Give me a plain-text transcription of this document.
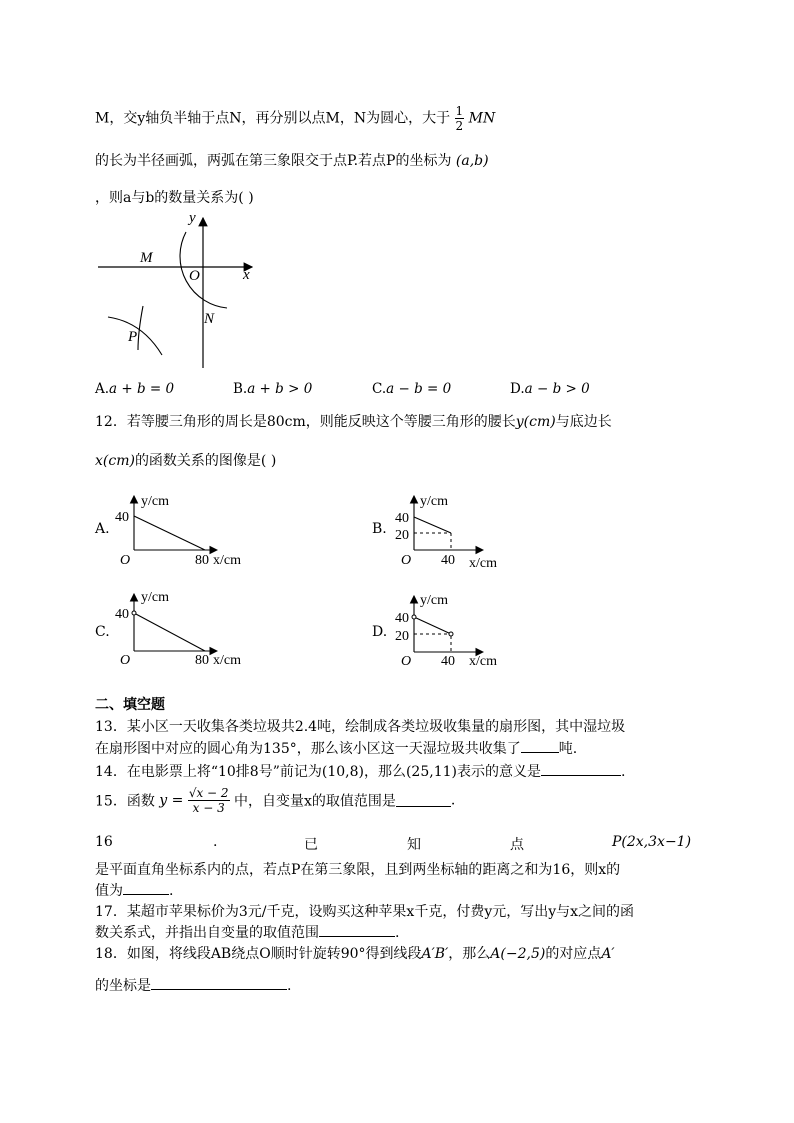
M，交y轴负半轴于点N，再分别以点M，N为圆心，大于 $\frac{1}{2}$ MN
的长为半径画弧，两弧在第三象限交于点P.若点P的坐标为 (a,b)
，则a与b的数量关系为( )
y
x
O
M
N
P
A.a + b = 0	B.a + b > 0	C.a − b = 0	D.a − b > 0
12．若等腰三角形的周长是80cm，则能反映这个等腰三角形的腰长y(cm)与底边长
x(cm)的函数关系的图像是( )
A.
y/cm
40
O	80 x/cm
B.
y/cm
40
20
O 40 x/cm
C.
y/cm
40
O	80 x/cm
D.
y/cm
40
20
O 40 x/cm
二、填空题
13．某小区一天收集各类垃圾共2.4吨，绘制成各类垃圾收集量的扇形图，其中湿垃圾
在扇形图中对应的圆心角为135°，那么该小区这一天湿垃圾共收集了	吨.
14．在电影票上将“10排8号”前记为(10,8)，那么(25,11)表示的意义是	.
15．函数 $y = \frac{√x - 2}{x - 3}$ 中，自变量x的取值范围是	.
16	.	已	知	点	P(2x,3x−1)
是平面直角坐标系内的点，若点P在第三象限，且到两坐标轴的距离之和为16，则x的
值为	.
17．某超市苹果标价为3元/千克，设购买这种苹果x千克，付费y元，写出y与x之间的函
数关系式，并指出自变量的取值范围	.
18．如图，将线段AB绕点O顺时针旋转90°得到线段A′B′，那么A(−2,5)的对应点A′
的坐标是	.
